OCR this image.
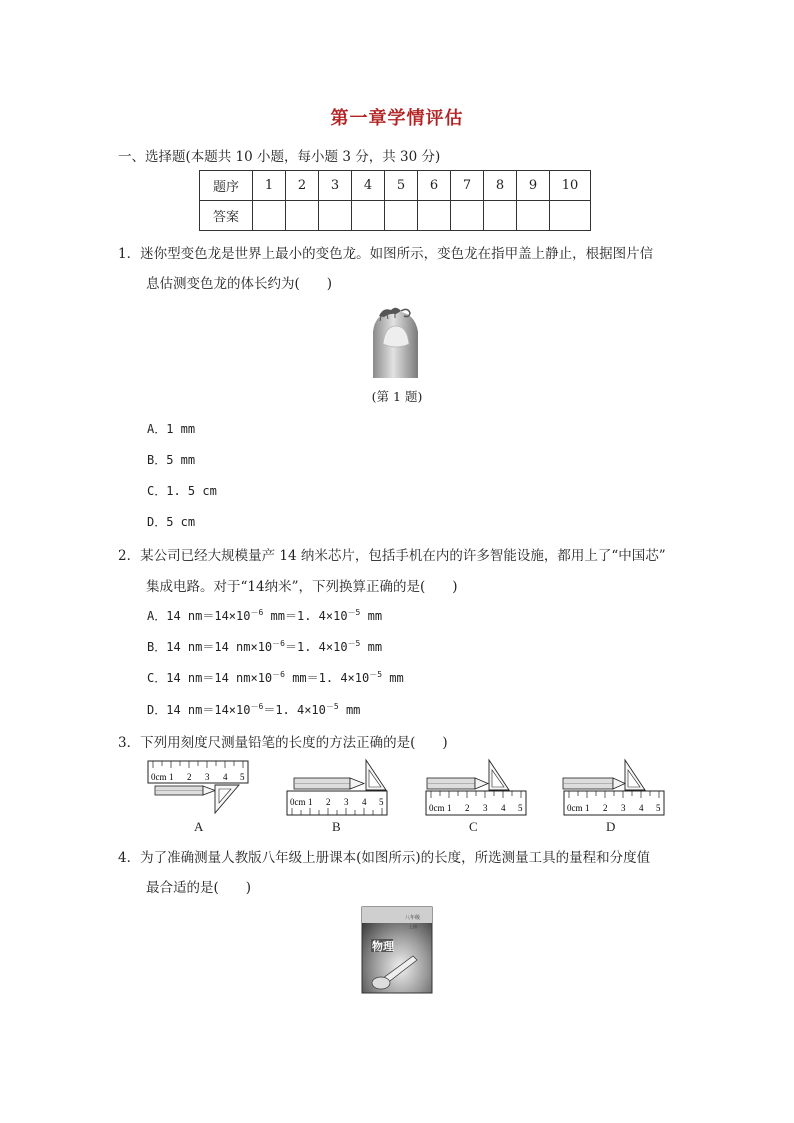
第一章学情评估
一、选择题(本题共 10 小题，每小题 3 分，共 30 分)
题序	1	2	3	4	5	6	7	8	9	10
答案										
1．迷你型变色龙是世界上最小的变色龙。如图所示，变色龙在指甲盖上静止，根据图片信
息估测变色龙的体长约为(　　)
(第 1 题)
A．1 mm
B．5 mm
C．1. 5 cm
D．5 cm
2．某公司已经大规模量产 14 纳米芯片，包括手机在内的许多智能设施，都用上了“中国芯”
集成电路。对于“14纳米”，下列换算正确的是(　　)
A．14 $nm=14\times 10^{-6}$ mm＝1. $4\times 10^{-5}$ mm
B．14 nm＝14 $nm\times 10^{-6}=1$. $4\times 10^{-5}$ mm
C．14 nm＝14 $nm\times 10^{-6}$ mm＝1. $4\times 10^{-5}$ mm
D．14 $nm=14\times 10^{-6}=1$. $4\times 10^{-5}$ mm
3．下列用刻度尺测量铅笔的长度的方法正确的是(　　)
0cm 1 2 3 4 5
A
0cm 1 2 3 4 5
B
0cm 1 2 3 4 5
C
0cm 1 2 3 4 5
D
4．为了准确测量人教版八年级上册课本(如图所示)的长度，所选测量工具的量程和分度值
最合适的是(　　)
八年级
上册
物理
